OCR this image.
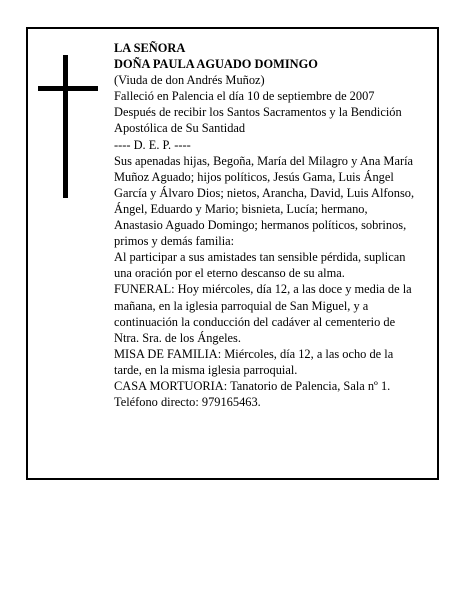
LA SEÑORA

DOÑA PAULA AGUADO DOMINGO

(Viuda de don Andrés Muñoz)

Falleció en Palencia el día 10 de septiembre de 2007

Después de recibir los Santos Sacramentos y la Bendición Apostólica de Su Santidad

---- D. E. P. ----

Sus apenadas hijas, Begoña, María del Milagro y Ana María Muñoz Aguado; hijos políticos, Jesús Gama, Luis Ángel García y Álvaro Dios; nietos, Arancha, David, Luis Alfonso, Ángel, Eduardo y Mario; bisnieta, Lucía; hermano, Anastasio Aguado Domingo; hermanos políticos, sobrinos, primos y demás familia:

Al participar a sus amistades tan sensible pérdida, suplican una oración por el eterno descanso de su alma.

FUNERAL: Hoy miércoles, día 12, a las doce y media de la mañana, en la iglesia parroquial de San Miguel, y a continuación la conducción del cadáver al cementerio de Ntra. Sra. de los Ángeles.

MISA DE FAMILIA: Miércoles, día 12, a las ocho de la tarde, en la misma iglesia parroquial.

CASA MORTUORIA: Tanatorio de Palencia, Sala nº 1. Teléfono directo: 979165463.
